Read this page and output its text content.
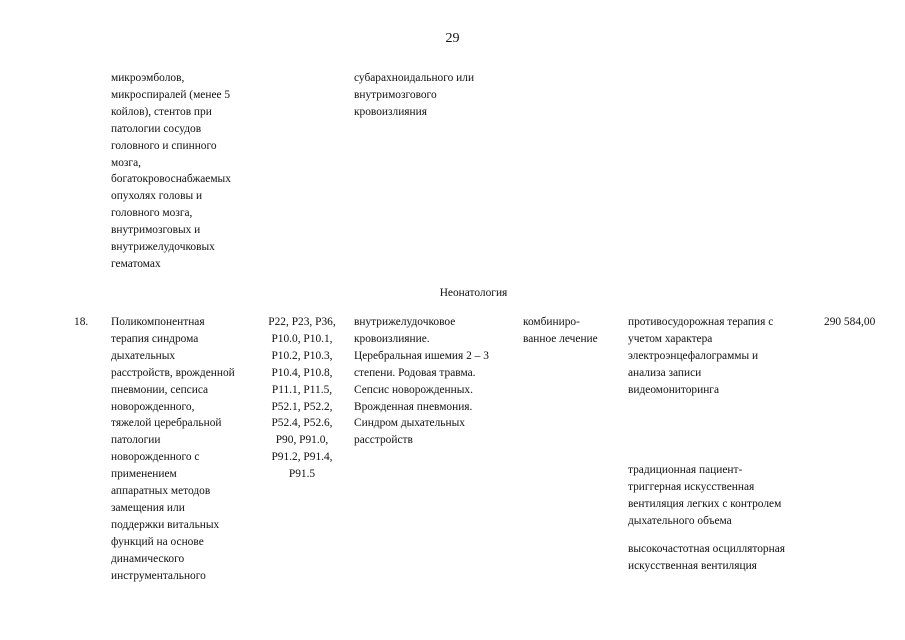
29
микроэмболов,
микроспиралей (менее 5
койлов), стентов при
патологии сосудов
головного и спинного
мозга,
богатокровоснабжаемых
опухолях головы и
головного мозга,
внутримозговых и
внутрижелудочковых
гематомах
субарахноидального или
внутримозгового
кровоизлияния
Неонатология
18.	Поликомпонентная
терапия синдрома
дыхательных
расстройств, врожденной
пневмонии, сепсиса
новорожденного,
тяжелой церебральной
патологии
новорожденного с
применением
аппаратных методов
замещения или
поддержки витальных
функций на основе
динамического
инструментального
P22, P23, P36,
P10.0, P10.1,
P10.2, P10.3,
P10.4, P10.8,
P11.1, P11.5,
P52.1, P52.2,
P52.4, P52.6,
P90, P91.0,
P91.2, P91.4,
P91.5
внутрижелудочковое
кровоизлияние.
Церебральная ишемия 2 – 3
степени. Родовая травма.
Сепсис новорожденных.
Врожденная пневмония.
Синдром дыхательных
расстройств
комбиниро-
ванное лечение
противосудорожная терапия с
учетом характера
электроэнцефалограммы и
анализа записи
видеомониторинга
традиционная пациент-
триггерная искусственная
вентиляция легких с контролем
дыхательного объема
высокочастотная осцилляторная
искусственная вентиляция
290 584,00
